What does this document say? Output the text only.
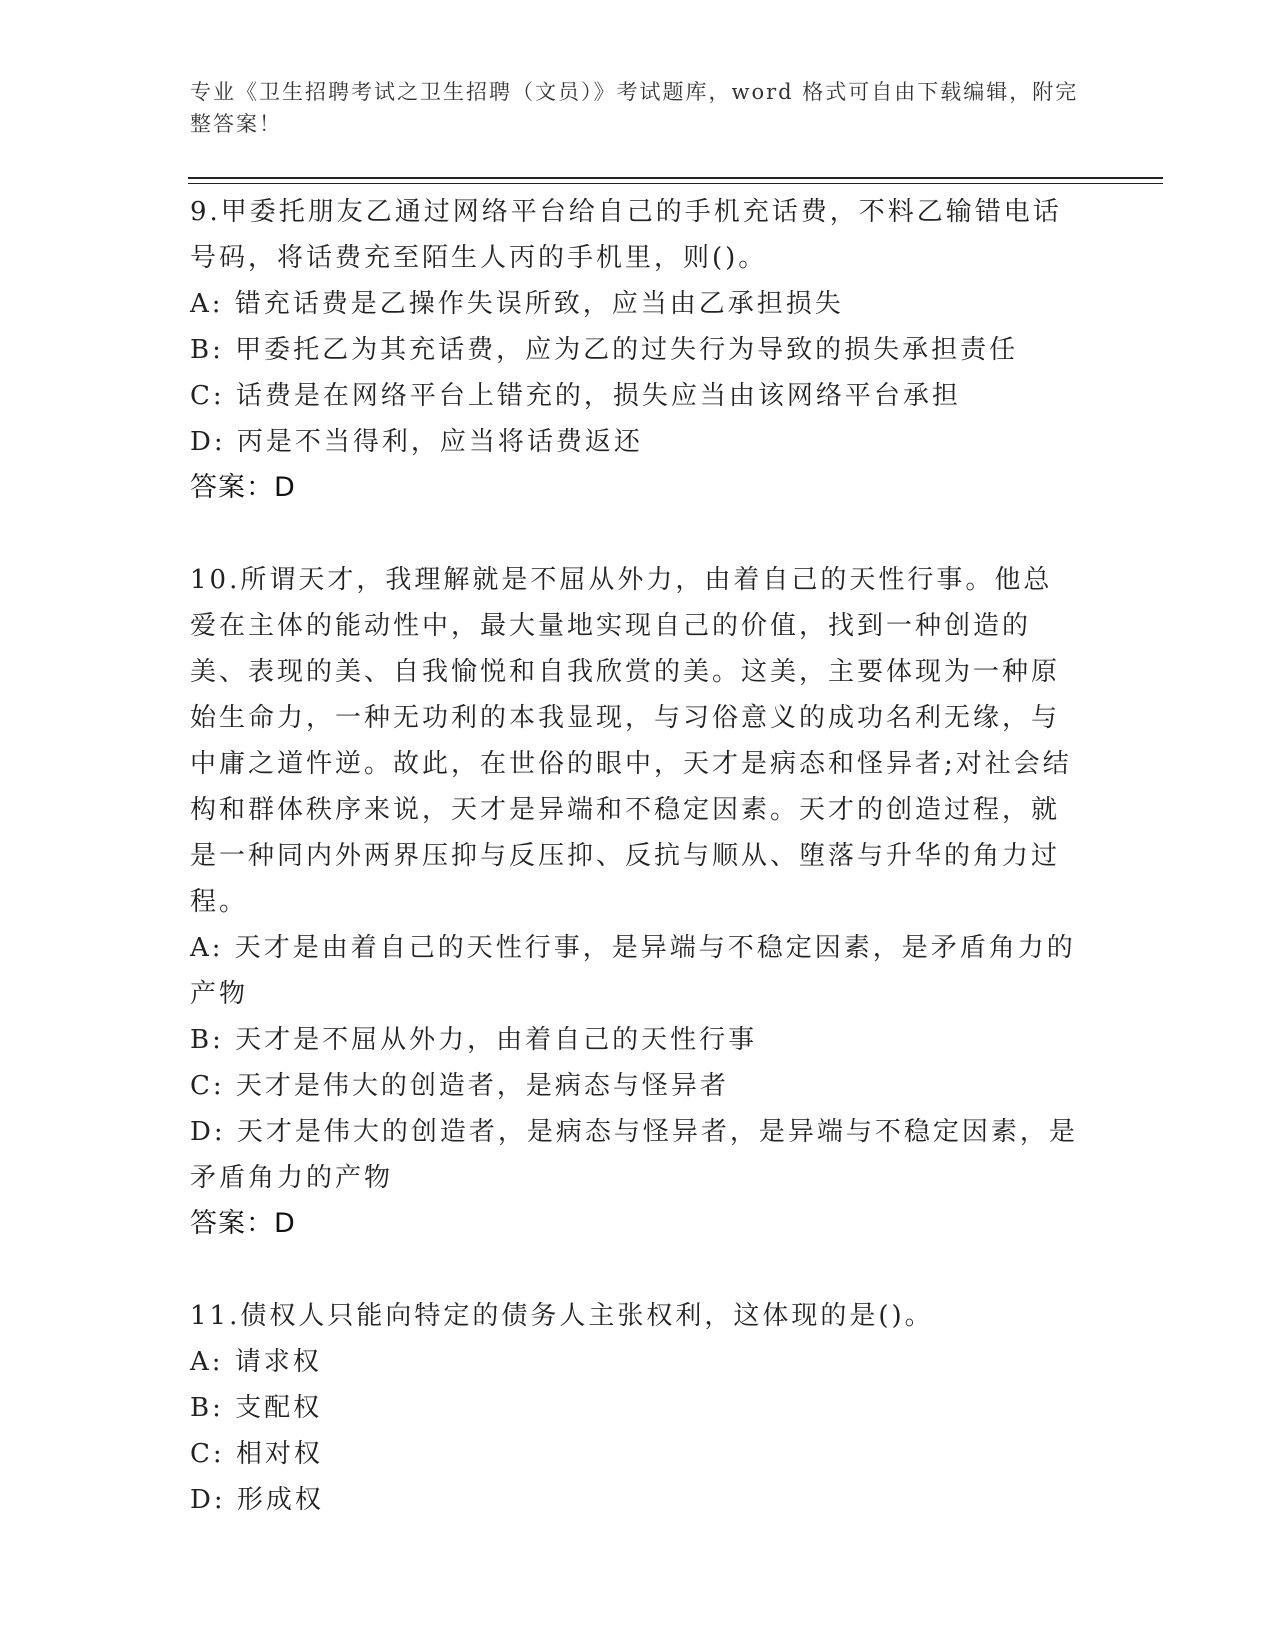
专业《卫生招聘考试之卫生招聘（文员）》考试题库，word 格式可自由下载编辑，附完整答案！

9.甲委托朋友乙通过网络平台给自己的手机充话费，不料乙输错电话号码，将话费充至陌生人丙的手机里，则()。

A: 错充话费是乙操作失误所致，应当由乙承担损失

B: 甲委托乙为其充话费，应为乙的过失行为导致的损失承担责任

C: 话费是在网络平台上错充的，损失应当由该网络平台承担

D: 丙是不当得利，应当将话费返还

答案：D

10.所谓天才，我理解就是不屈从外力，由着自己的天性行事。他总爱在主体的能动性中，最大量地实现自己的价值，找到一种创造的美、表现的美、自我愉悦和自我欣赏的美。这美，主要体现为一种原始生命力，一种无功利的本我显现，与习俗意义的成功名利无缘，与中庸之道忤逆。故此，在世俗的眼中，天才是病态和怪异者;对社会结构和群体秩序来说，天才是异端和不稳定因素。天才的创造过程，就是一种同内外两界压抑与反压抑、反抗与顺从、堕落与升华的角力过程。

A: 天才是由着自己的天性行事，是异端与不稳定因素，是矛盾角力的产物

B: 天才是不屈从外力，由着自己的天性行事

C: 天才是伟大的创造者，是病态与怪异者

D: 天才是伟大的创造者，是病态与怪异者，是异端与不稳定因素，是矛盾角力的产物

答案：D

11.债权人只能向特定的债务人主张权利，这体现的是()。

A: 请求权

B: 支配权

C: 相对权

D: 形成权
